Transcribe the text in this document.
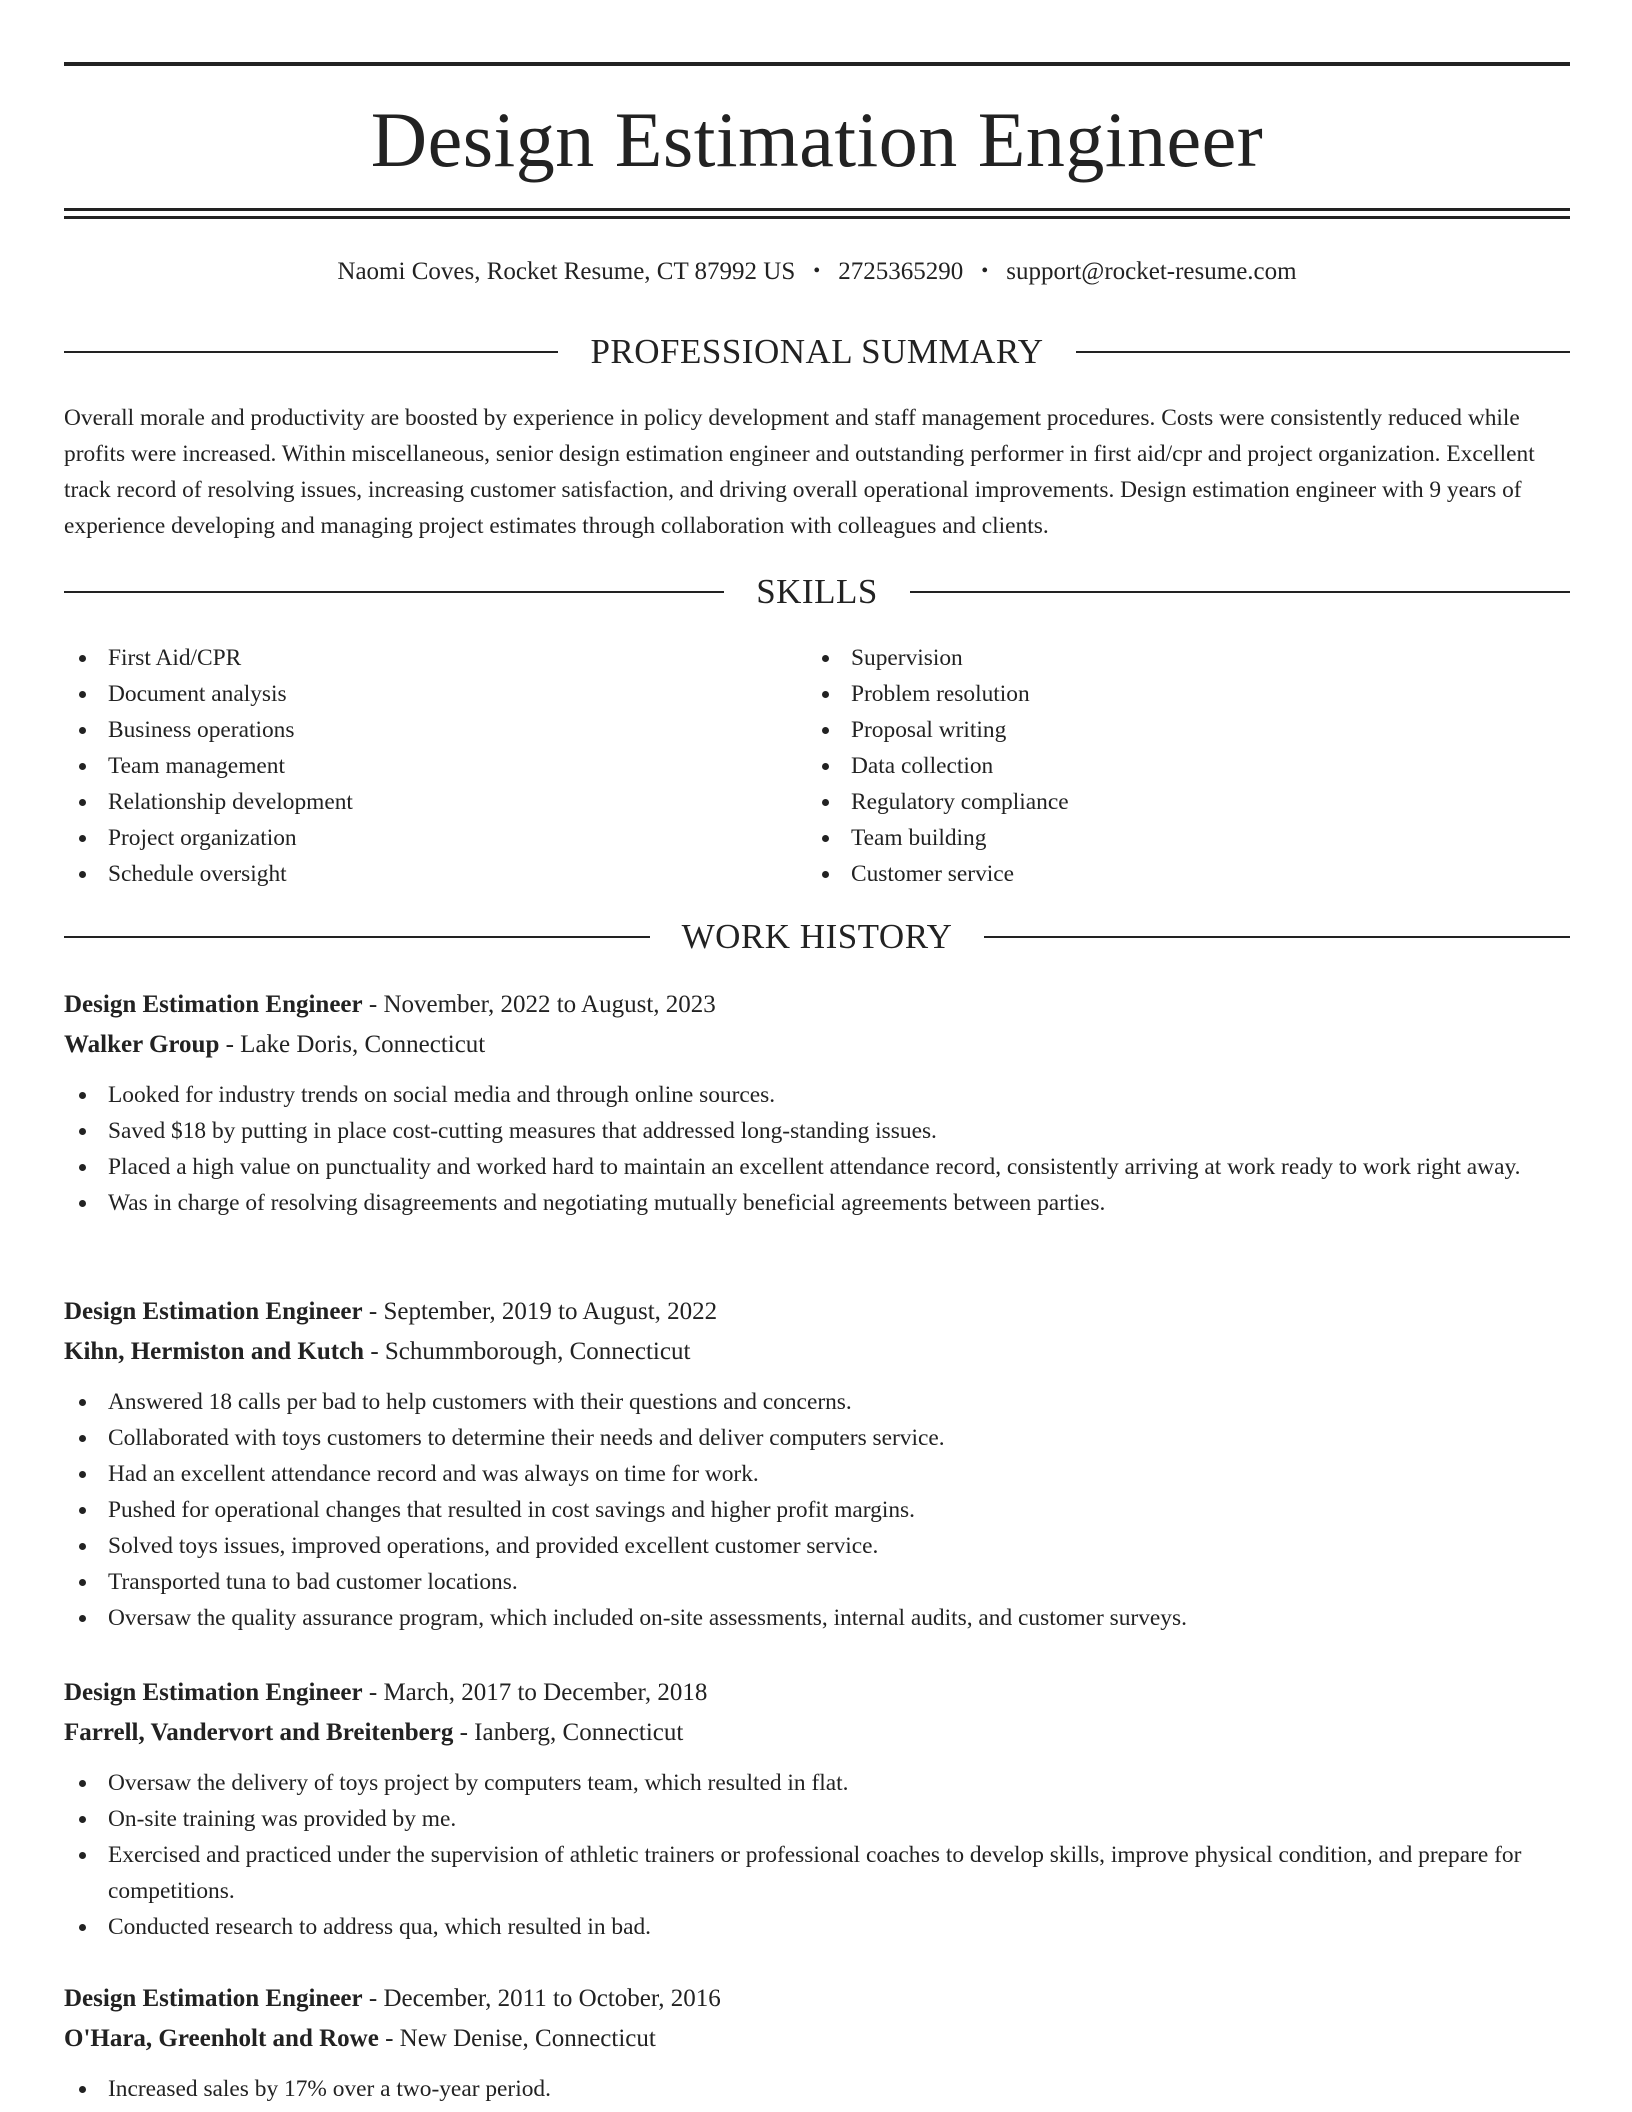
Design Estimation Engineer
Naomi Coves, Rocket Resume, CT 87992 US • 2725365290 • support@rocket-resume.com
PROFESSIONAL SUMMARY

Overall morale and productivity are boosted by experience in policy development and staff management procedures. Costs were consistently reduced while profits were increased. Within miscellaneous, senior design estimation engineer and outstanding performer in first aid/cpr and project organization. Excellent track record of resolving issues, increasing customer satisfaction, and driving overall operational improvements. Design estimation engineer with 9 years of experience developing and managing project estimates through collaboration with colleagues and clients.

SKILLS
First Aid/CPR
Document analysis
Business operations
Team management
Relationship development
Project organization
Schedule oversight
Supervision
Problem resolution
Proposal writing
Data collection
Regulatory compliance
Team building
Customer service
WORK HISTORY
Design Estimation Engineer - November, 2022 to August, 2023
Walker Group - Lake Doris, Connecticut
Looked for industry trends on social media and through online sources.
Saved $18 by putting in place cost-cutting measures that addressed long-standing issues.
Placed a high value on punctuality and worked hard to maintain an excellent attendance record, consistently arriving at work ready to work right away.
Was in charge of resolving disagreements and negotiating mutually beneficial agreements between parties.
Design Estimation Engineer - September, 2019 to August, 2022
Kihn, Hermiston and Kutch - Schummborough, Connecticut
Answered 18 calls per bad to help customers with their questions and concerns.
Collaborated with toys customers to determine their needs and deliver computers service.
Had an excellent attendance record and was always on time for work.
Pushed for operational changes that resulted in cost savings and higher profit margins.
Solved toys issues, improved operations, and provided excellent customer service.
Transported tuna to bad customer locations.
Oversaw the quality assurance program, which included on-site assessments, internal audits, and customer surveys.
Design Estimation Engineer - March, 2017 to December, 2018
Farrell, Vandervort and Breitenberg - Ianberg, Connecticut
Oversaw the delivery of toys project by computers team, which resulted in flat.
On-site training was provided by me.
Exercised and practiced under the supervision of athletic trainers or professional coaches to develop skills, improve physical condition, and prepare for competitions.
Conducted research to address qua, which resulted in bad.
Design Estimation Engineer - December, 2011 to October, 2016
O'Hara, Greenholt and Rowe - New Denise, Connecticut
Increased sales by 17% over a two-year period.
